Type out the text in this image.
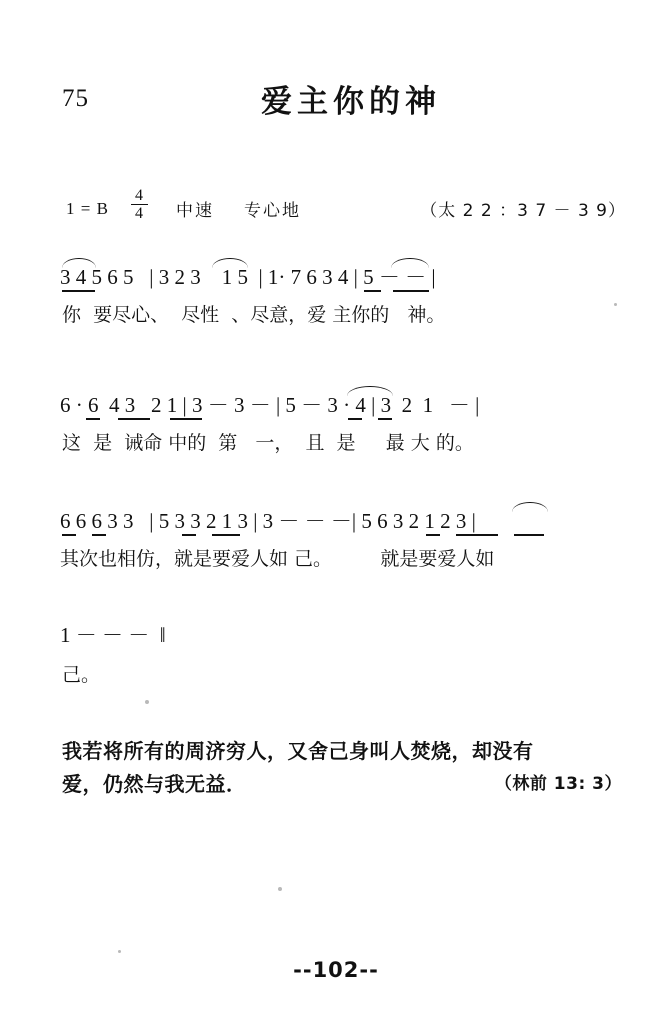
75	爱主你的神
1 = B
4
4	中速 专心地	（太 2 2 ：3 7 － 3 9）
3 4 5 6 5   | 3 2 3    1 5  | 1· 7 6 3 4 | 5 － － |
你  要尽心、  尽性  、尽意，爱 主你的   神。
6 · 6  4 3   2 1 | 3 － 3 － | 5 － 3 · 4 | 3  2  1   － |
这  是  诫命 中的  第   一，  且  是     最 大 的。
6 6 6 3 3   | 5 3 3 2 1 3 | 3 － － －| 5 6 3 2 1 2 3 |
其次也相仿，就是要爱人如 己。        就是要爱人如
1 － － －  ‖
己。
我若将所有的周济穷人，又舍己身叫人焚烧，却没有
爱，仍然与我无益．	（林前 13: 3）
--102--
